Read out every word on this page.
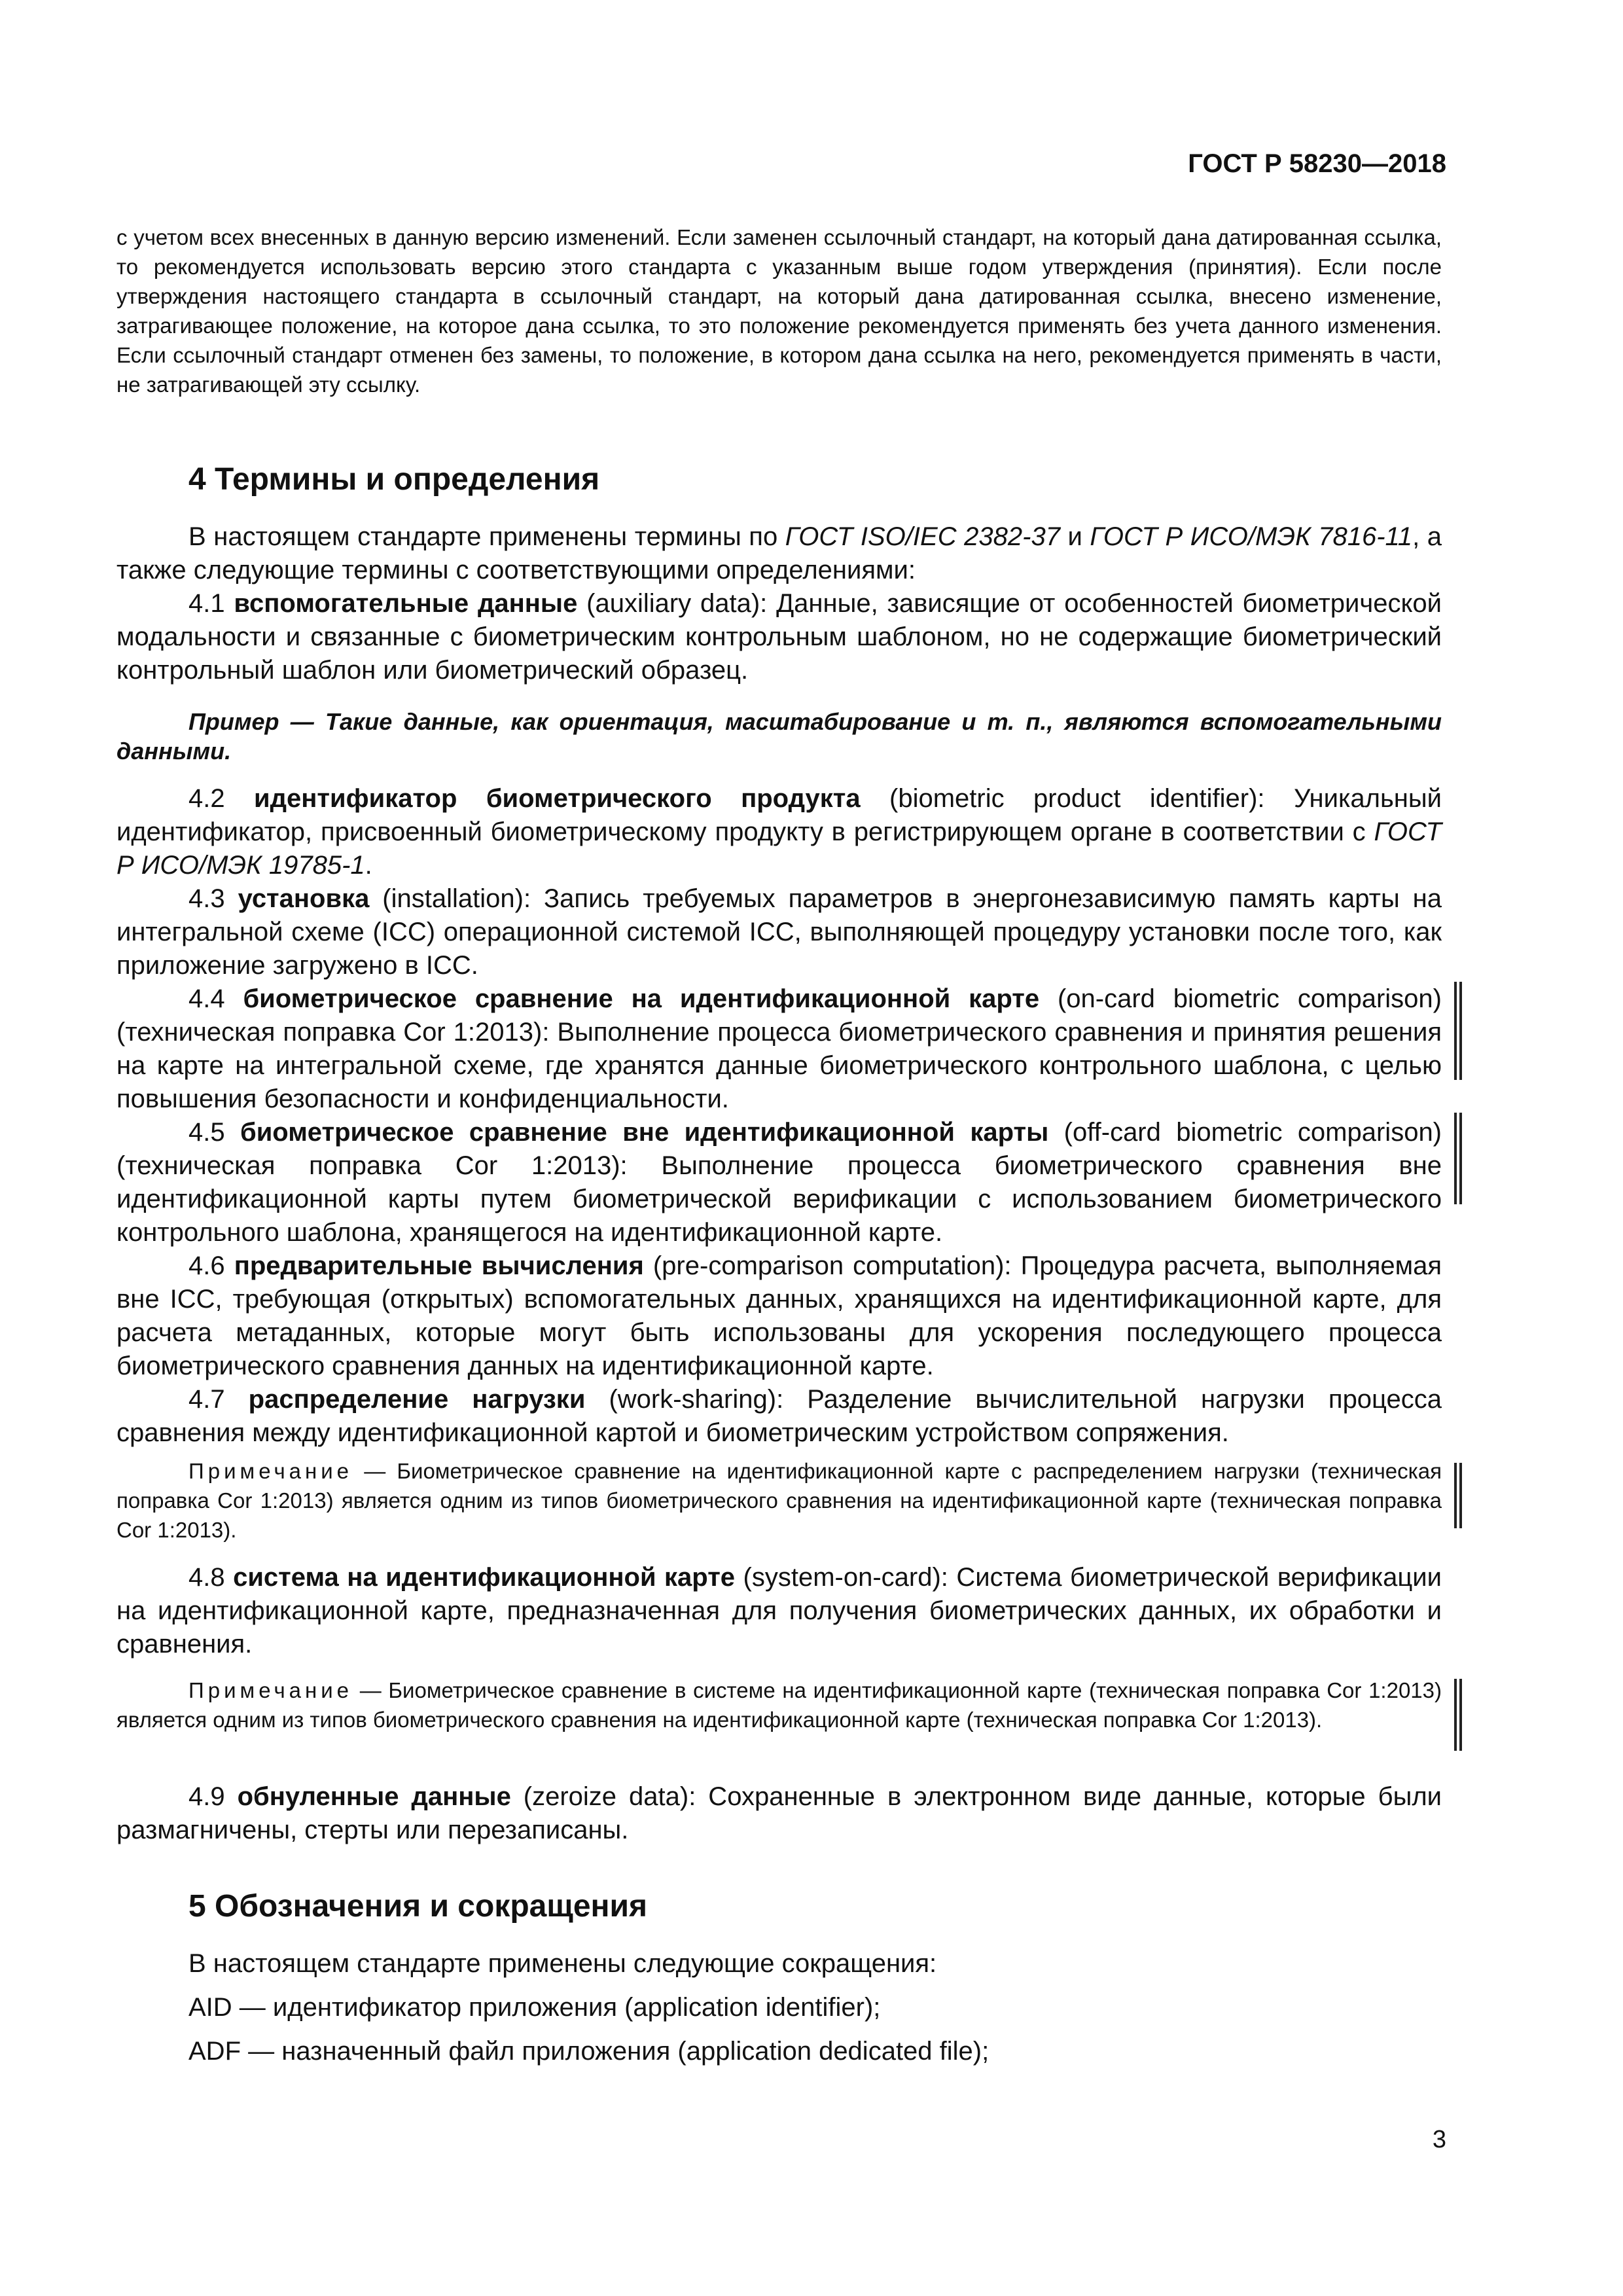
ГОСТ Р 58230—2018

с учетом всех внесенных в данную версию изменений. Если заменен ссылочный стандарт, на который дана датированная ссылка, то рекомендуется использовать версию этого стандарта с указанным выше годом утверждения (принятия). Если после утверждения настоящего стандарта в ссылочный стандарт, на который дана датированная ссылка, внесено изменение, затрагивающее положение, на которое дана ссылка, то это положение рекомендуется применять без учета данного изменения. Если ссылочный стандарт отменен без замены, то положение, в котором дана ссылка на него, рекомендуется применять в части, не затрагивающей эту ссылку.

4 Термины и определения

В настоящем стандарте применены термины по ГОСТ ISO/IEC 2382-37 и ГОСТ Р ИСО/МЭК 7816-11, а также следующие термины с соответствующими определениями:

4.1 вспомогательные данные (auxiliary data): Данные, зависящие от особенностей биометрической модальности и связанные с биометрическим контрольным шаблоном, но не содержащие биометрический контрольный шаблон или биометрический образец.

Пример — Такие данные, как ориентация, масштабирование и т. п., являются вспомогательными данными.

4.2 идентификатор биометрического продукта (biometric product identifier): Уникальный идентификатор, присвоенный биометрическому продукту в регистрирующем органе в соответствии с ГОСТ Р ИСО/МЭК 19785-1.

4.3 установка (installation): Запись требуемых параметров в энергонезависимую память карты на интегральной схеме (ICC) операционной системой ICC, выполняющей процедуру установки после того, как приложение загружено в ICC.

4.4 биометрическое сравнение на идентификационной карте (on-card biometric comparison) (техническая поправка Cor 1:2013): Выполнение процесса биометрического сравнения и принятия решения на карте на интегральной схеме, где хранятся данные биометрического контрольного шаблона, с целью повышения безопасности и конфиденциальности.

4.5 биометрическое сравнение вне идентификационной карты (off-card biometric comparison) (техническая поправка Cor 1:2013): Выполнение процесса биометрического сравнения вне идентификационной карты путем биометрической верификации с использованием биометрического контрольного шаблона, хранящегося на идентификационной карте.

4.6 предварительные вычисления (pre-comparison computation): Процедура расчета, выполняемая вне ICC, требующая (открытых) вспомогательных данных, хранящихся на идентификационной карте, для расчета метаданных, которые могут быть использованы для ускорения последующего процесса биометрического сравнения данных на идентификационной карте.

4.7 распределение нагрузки (work-sharing): Разделение вычислительной нагрузки процесса сравнения между идентификационной картой и биометрическим устройством сопряжения.

Примечание — Биометрическое сравнение на идентификационной карте с распределением нагрузки (техническая поправка Cor 1:2013) является одним из типов биометрического сравнения на идентификационной карте (техническая поправка Cor 1:2013).

4.8 система на идентификационной карте (system-on-card): Система биометрической верификации на идентификационной карте, предназначенная для получения биометрических данных, их обработки и сравнения.

Примечание — Биометрическое сравнение в системе на идентификационной карте (техническая поправка Cor 1:2013) является одним из типов биометрического сравнения на идентификационной карте (техническая поправка Cor 1:2013).

4.9 обнуленные данные (zeroize data): Сохраненные в электронном виде данные, которые были размагничены, стерты или перезаписаны.

5 Обозначения и сокращения

В настоящем стандарте применены следующие сокращения:

AID — идентификатор приложения (application identifier);

ADF — назначенный файл приложения (application dedicated file);

3
